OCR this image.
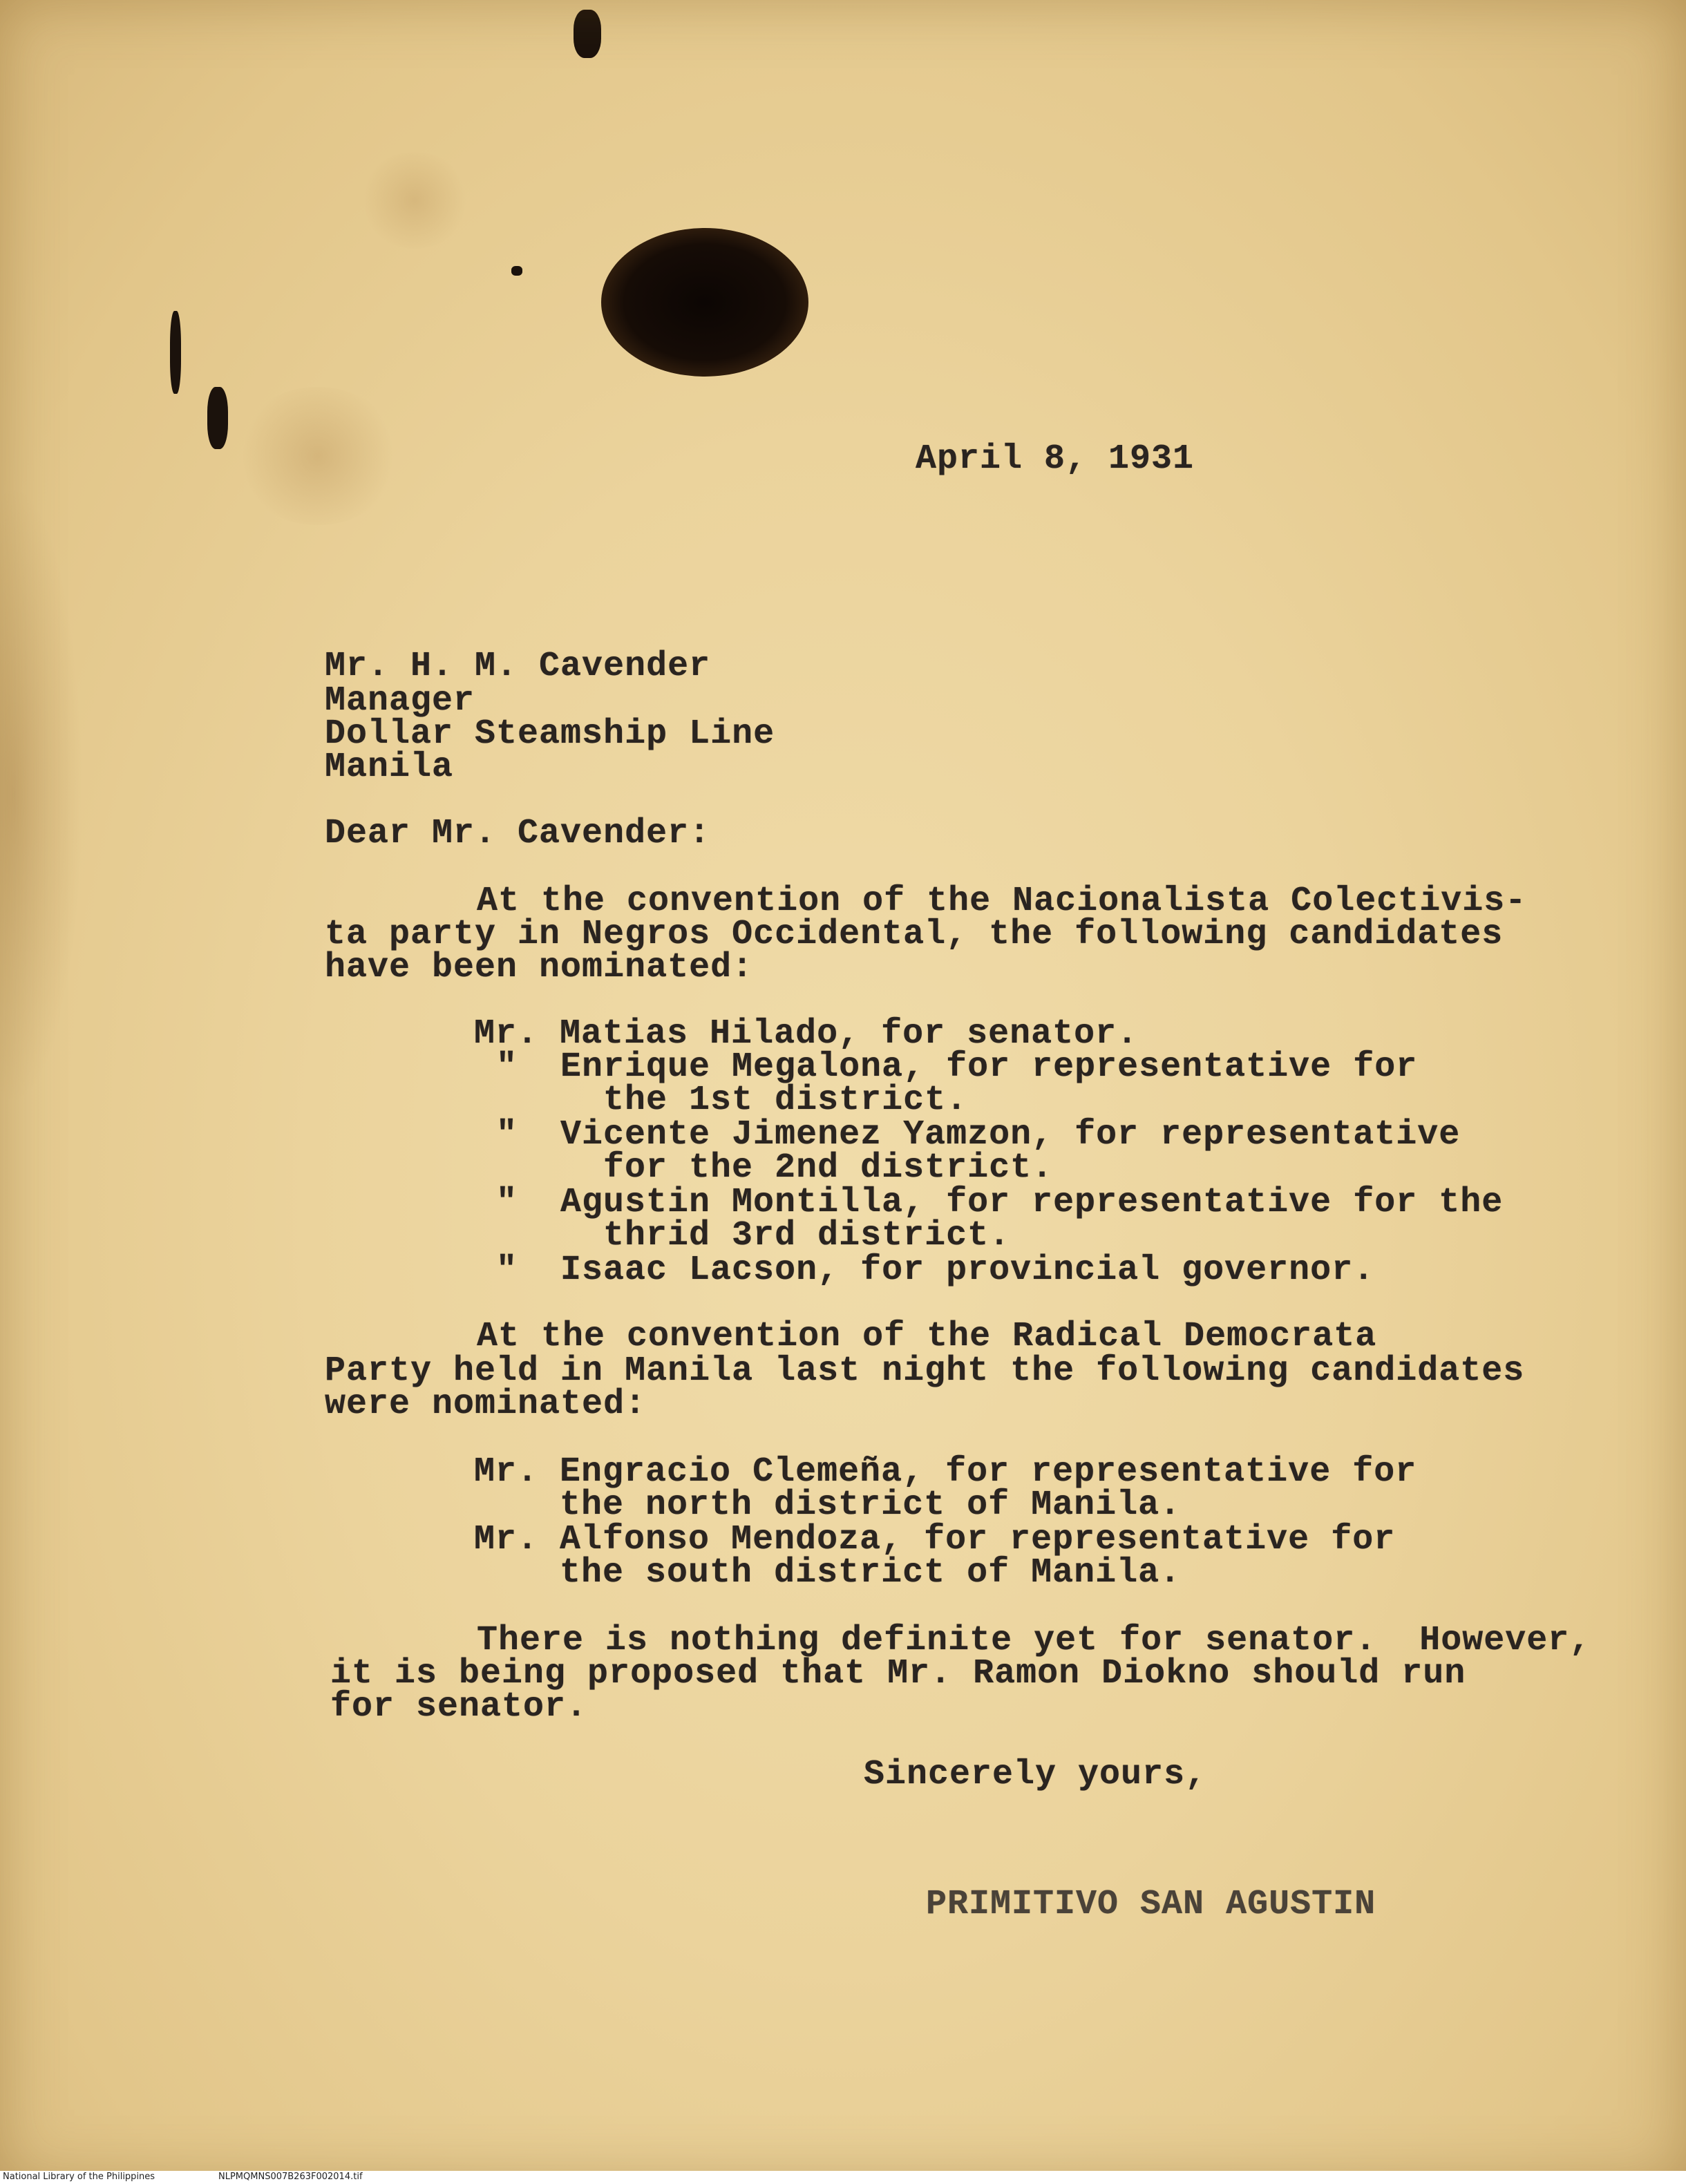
April 8, 1931
Mr. H. M. Cavender
Manager
Dollar Steamship Line
Manila
Dear Mr. Cavender:
At the convention of the Nacionalista Colectivis-
ta party in Negros Occidental, the following candidates
have been nominated:
Mr. Matias Hilado, for senator.
"  Enrique Megalona, for representative for
the 1st district.
"  Vicente Jimenez Yamzon, for representative
for the 2nd district.
"  Agustin Montilla, for representative for the
thrid 3rd district.
"  Isaac Lacson, for provincial governor.
At the convention of the Radical Democrata
Party held in Manila last night the following candidates
were nominated:
Mr. Engracio Clemeña, for representative for
the north district of Manila.
Mr. Alfonso Mendoza, for representative for
the south district of Manila.
There is nothing definite yet for senator.  However,
it is being proposed that Mr. Ramon Diokno should run
for senator.
Sincerely yours,
PRIMITIVO SAN AGUSTIN
National Library of the Philippines	NLPMQMNS007B263F002014.tif
